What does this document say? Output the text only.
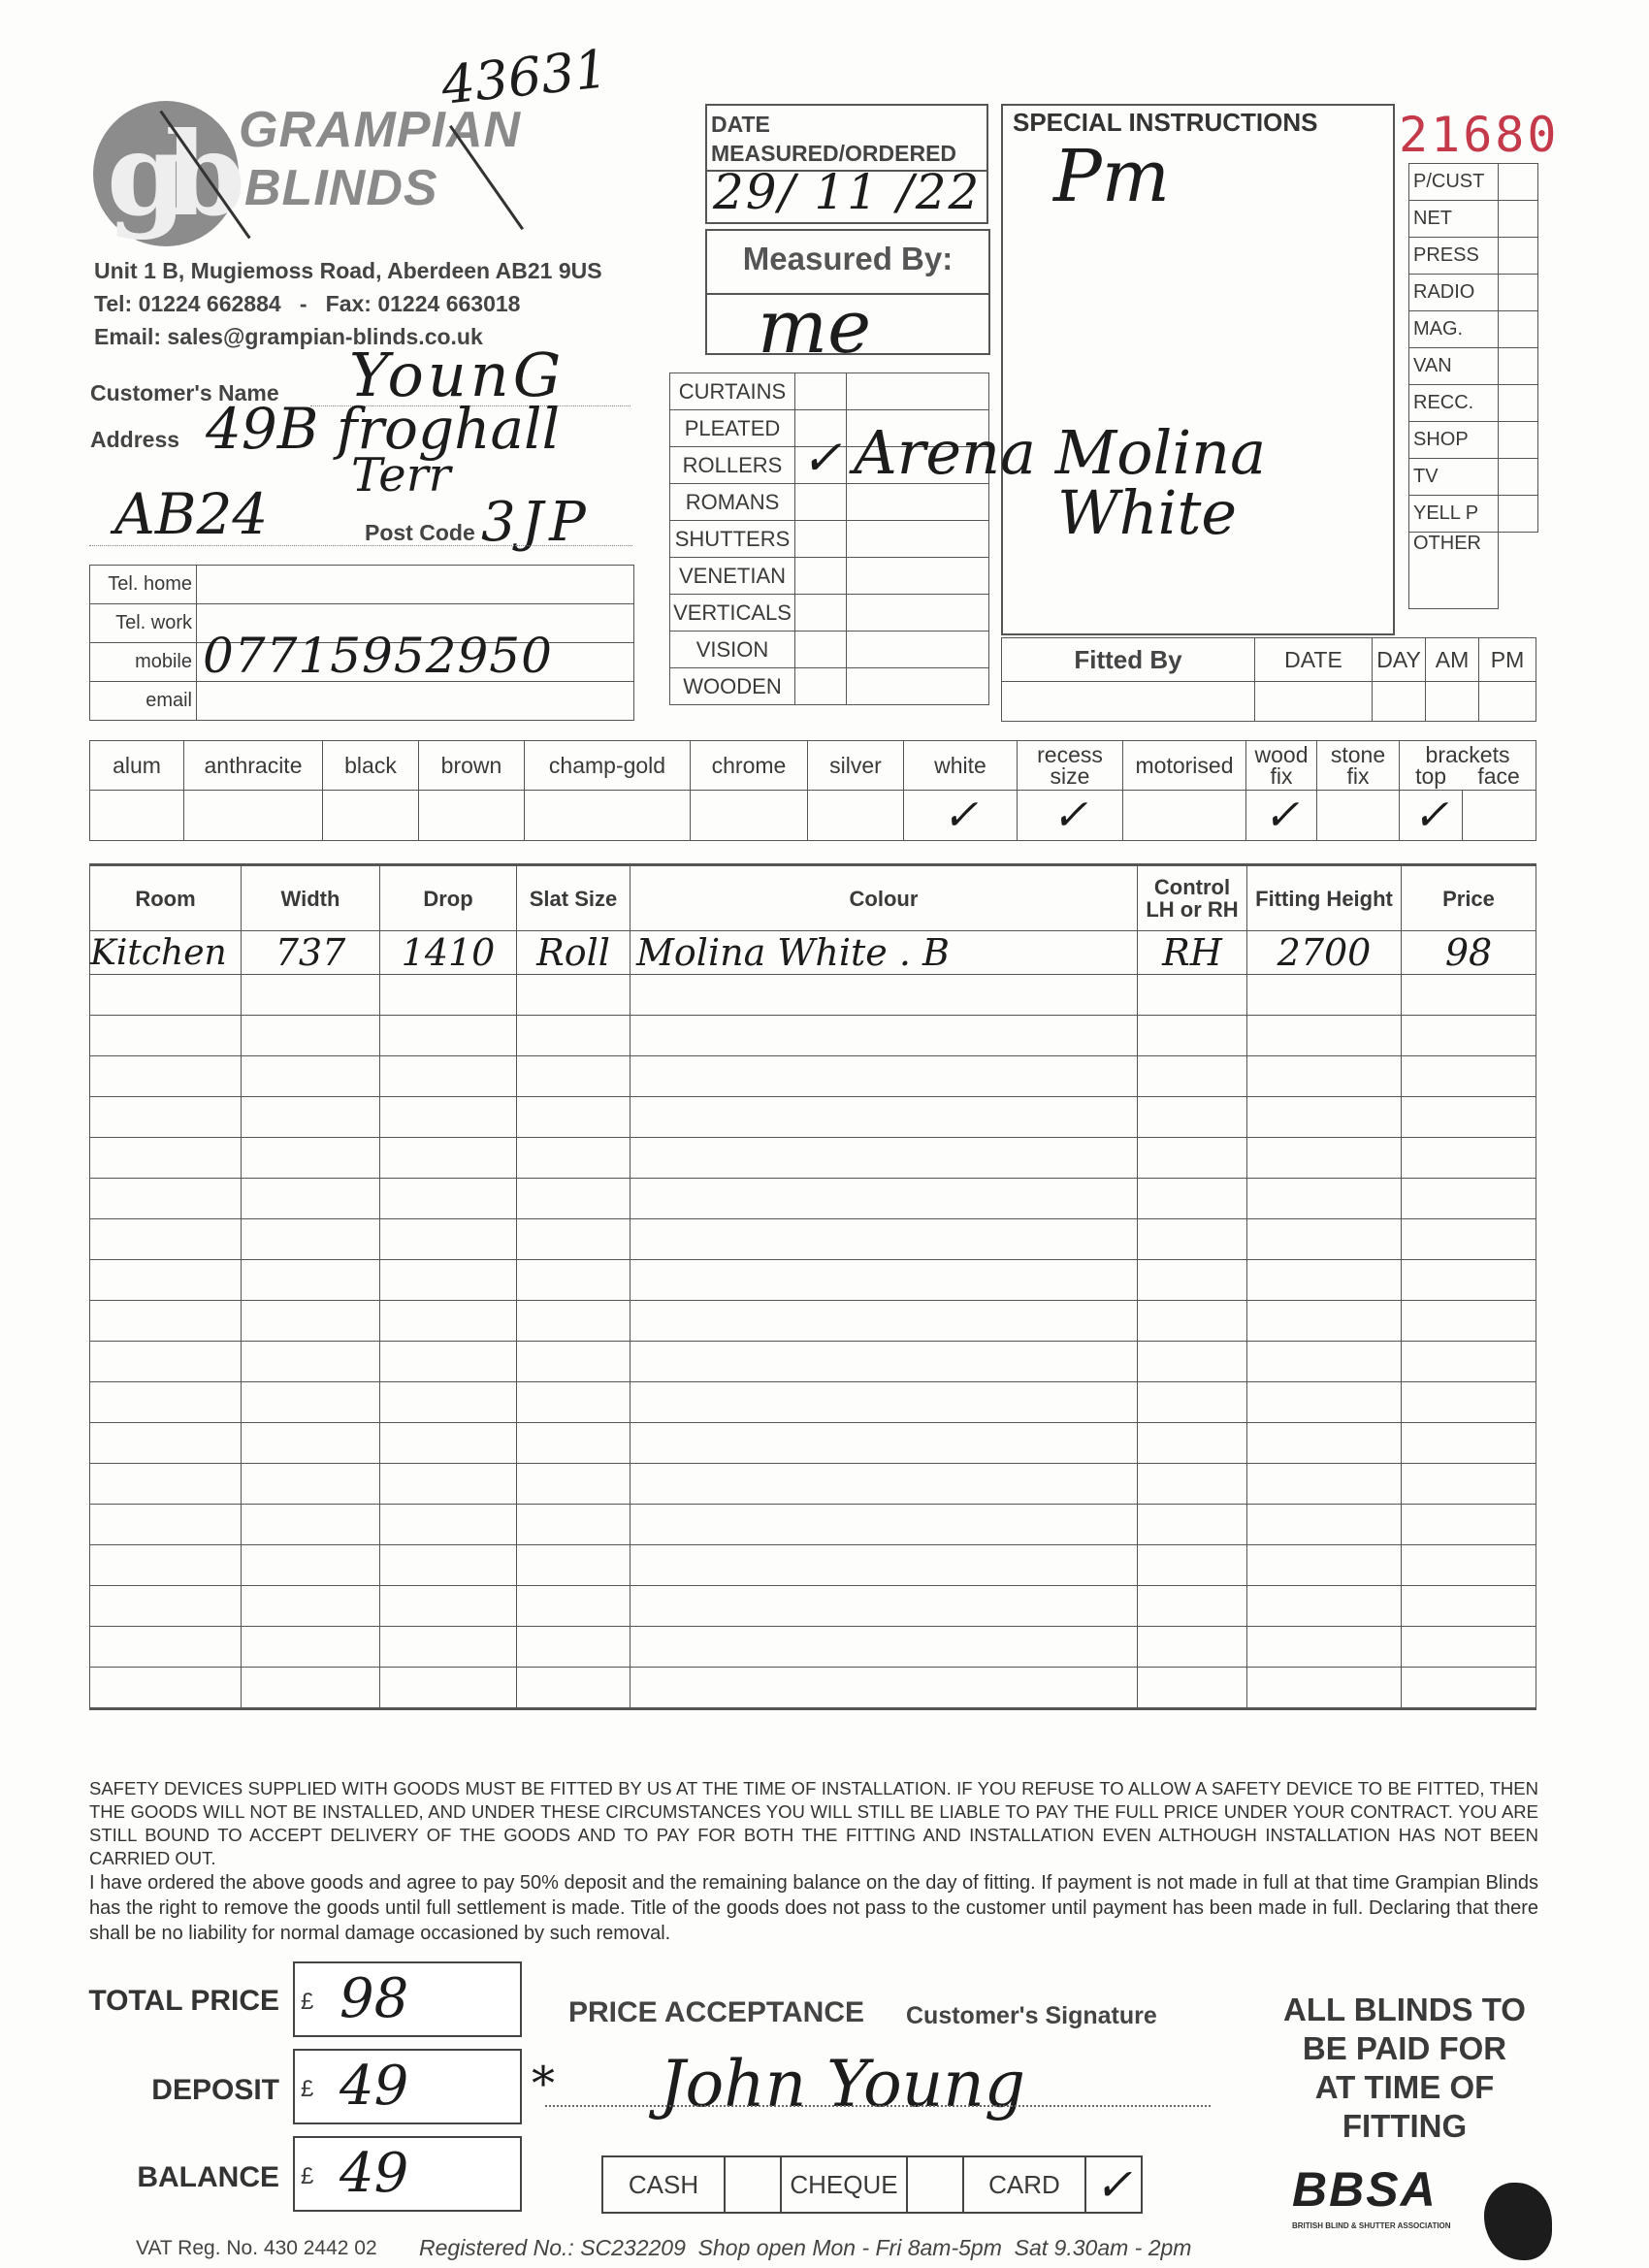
gb GRAMPIAN
BLINDS
Unit 1 B, Mugiemoss Road, Aberdeen AB21 9US
Tel: 01224 662884   -   Fax: 01224 663018
Email: sales@grampian-blinds.co.uk
43631
DATE MEASURED/ORDERED
29/ 11 /22
Measured By:
me
SPECIAL INSTRUCTIONS
Pm	21680
P/CUST	
NET	
PRESS	
RADIO	
MAG.	
VAN	
RECC.	
SHOP	
TV	
YELL P	
OTHER	
Customer's Name YounG
Address 49B froghall
Terr
AB24	Post Code 3JP
Tel. home	
Tel. work	
mobile	07715952950

email	
CURTAINS		
PLEATED		
ROLLERS	✓	

ROMANS		
SHUTTERS		
VENETIAN		
VERTICALS		
VISION		
WOODEN		
Arena Molina
White
Fitted By	DATE	DAY	AM	PM

alum	anthracite	black	brown	champ-gold	chrome	silver	white	recess size	motorised	wood fix	stone fix	brackets
top face	

							✓	✓		✓		✓	
Room	Width	Drop	Slat Size	Colour	Control LH or RH	Fitting Height	Price
Kitchen	737	1410	Roll	Molina White . B	RH	2700	98

SAFETY DEVICES SUPPLIED WITH GOODS MUST BE FITTED BY US AT THE TIME OF INSTALLATION. IF YOU REFUSE TO ALLOW A SAFETY DEVICE TO BE FITTED, THEN THE GOODS WILL NOT BE INSTALLED, AND UNDER THESE CIRCUMSTANCES YOU WILL STILL BE LIABLE TO PAY THE FULL PRICE UNDER YOUR CONTRACT. YOU ARE STILL BOUND TO ACCEPT DELIVERY OF THE GOODS AND TO PAY FOR BOTH THE FITTING AND INSTALLATION EVEN ALTHOUGH INSTALLATION HAS NOT BEEN CARRIED OUT.
I have ordered the above goods and agree to pay 50% deposit and the remaining balance on the day of fitting. If payment is not made in full at that time Grampian Blinds has the right to remove the goods until full settlement is made. Title of the goods does not pass to the customer until payment has been made in full. Declaring that there shall be no liability for normal damage occasioned by such removal.
TOTAL PRICE £ 98
DEPOSIT £ 49
BALANCE £ 49
PRICE ACCEPTANCE Customer's Signature
* John Young
CASH		CHEQUE		CARD	✓
ALL BLINDS TO
BE PAID FOR
AT TIME OF
FITTING
BBSA
BRITISH BLIND & SHUTTER ASSOCIATION
VAT Reg. No. 430 2442 02 Registered No.: SC232209  Shop open Mon - Fri 8am-5pm  Sat 9.30am - 2pm
